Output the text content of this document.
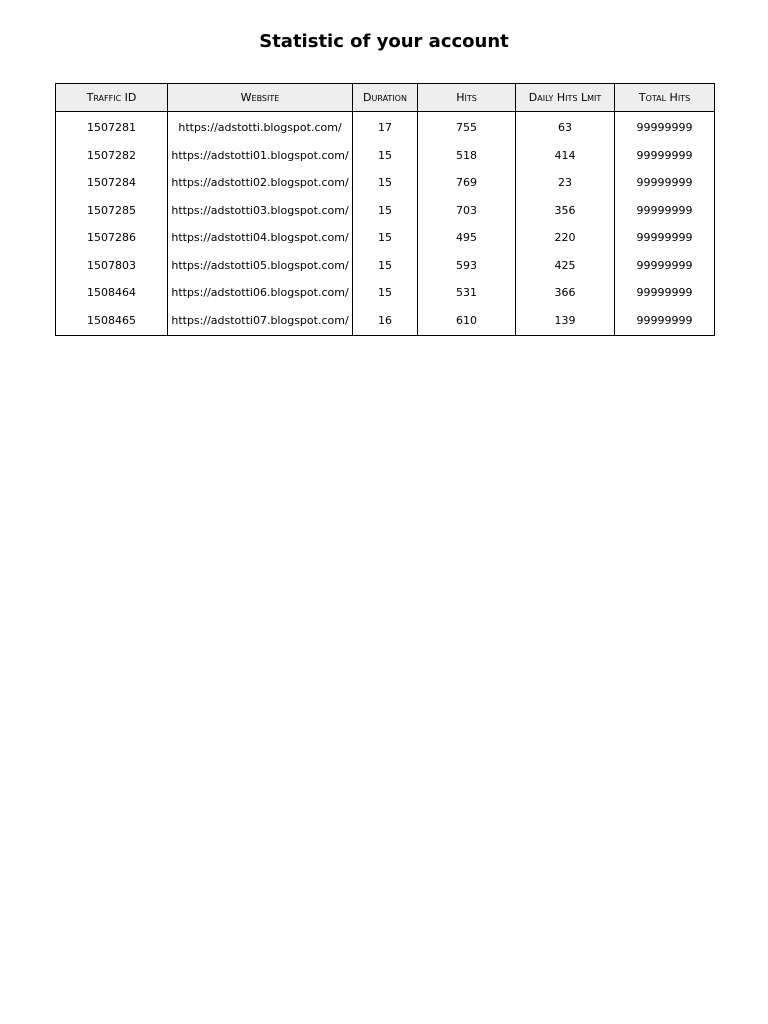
Statistic of your account
Traffic ID	Website	Duration	Hits	Daily Hits Lmit	Total Hits
1507281	https://adstotti.blogspot.com/	17	755	63	99999999
1507282	https://adstotti01.blogspot.com/	15	518	414	99999999
1507284	https://adstotti02.blogspot.com/	15	769	23	99999999
1507285	https://adstotti03.blogspot.com/	15	703	356	99999999
1507286	https://adstotti04.blogspot.com/	15	495	220	99999999
1507803	https://adstotti05.blogspot.com/	15	593	425	99999999
1508464	https://adstotti06.blogspot.com/	15	531	366	99999999
1508465	https://adstotti07.blogspot.com/	16	610	139	99999999
